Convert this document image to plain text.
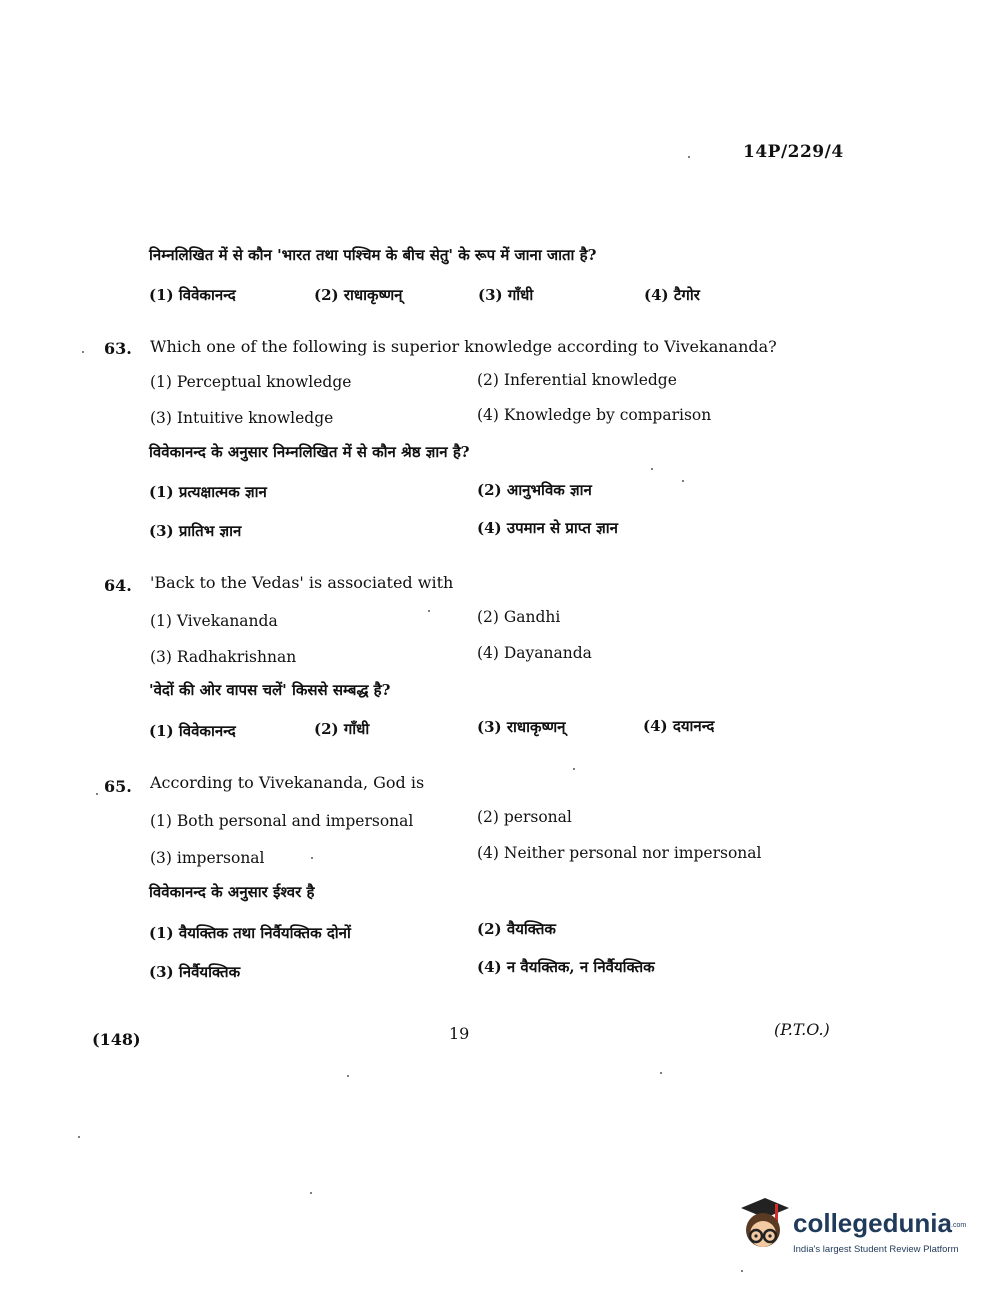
14P/229/4
निम्नलिखित में से कौन 'भारत तथा पश्चिम के बीच सेतु' के रूप में जाना जाता है?
(1) विवेकानन्द	(2) राधाकृष्णन्	(3) गाँधी	(4) टैगोर
63. Which one of the following is superior knowledge according to Vivekananda?
(1) Perceptual knowledge	(2) Inferential knowledge
(3) Intuitive knowledge	(4) Knowledge by comparison
विवेकानन्द के अनुसार निम्नलिखित में से कौन श्रेष्ठ ज्ञान है?
(1) प्रत्यक्षात्मक ज्ञान	(2) आनुभविक ज्ञान
(3) प्रातिभ ज्ञान	(4) उपमान से प्राप्त ज्ञान
64. 'Back to the Vedas' is associated with
(1) Vivekananda	(2) Gandhi
(3) Radhakrishnan	(4) Dayananda
'वेदों की ओर वापस चलें' किससे सम्बद्ध है?
(1) विवेकानन्द	(2) गाँधी	(3) राधाकृष्णन्	(4) दयानन्द
65. According to Vivekananda, God is
(1) Both personal and impersonal	(2) personal
(3) impersonal	(4) Neither personal nor impersonal
विवेकानन्द के अनुसार ईश्वर है
(1) वैयक्तिक तथा निर्वैयक्तिक दोनों	(2) वैयक्तिक
(3) निर्वैयक्तिक	(4) न वैयक्तिक, न निर्वैयक्तिक
(148)	19	(P.T.O.)
collegedunia .com
India's largest Student Review Platform
